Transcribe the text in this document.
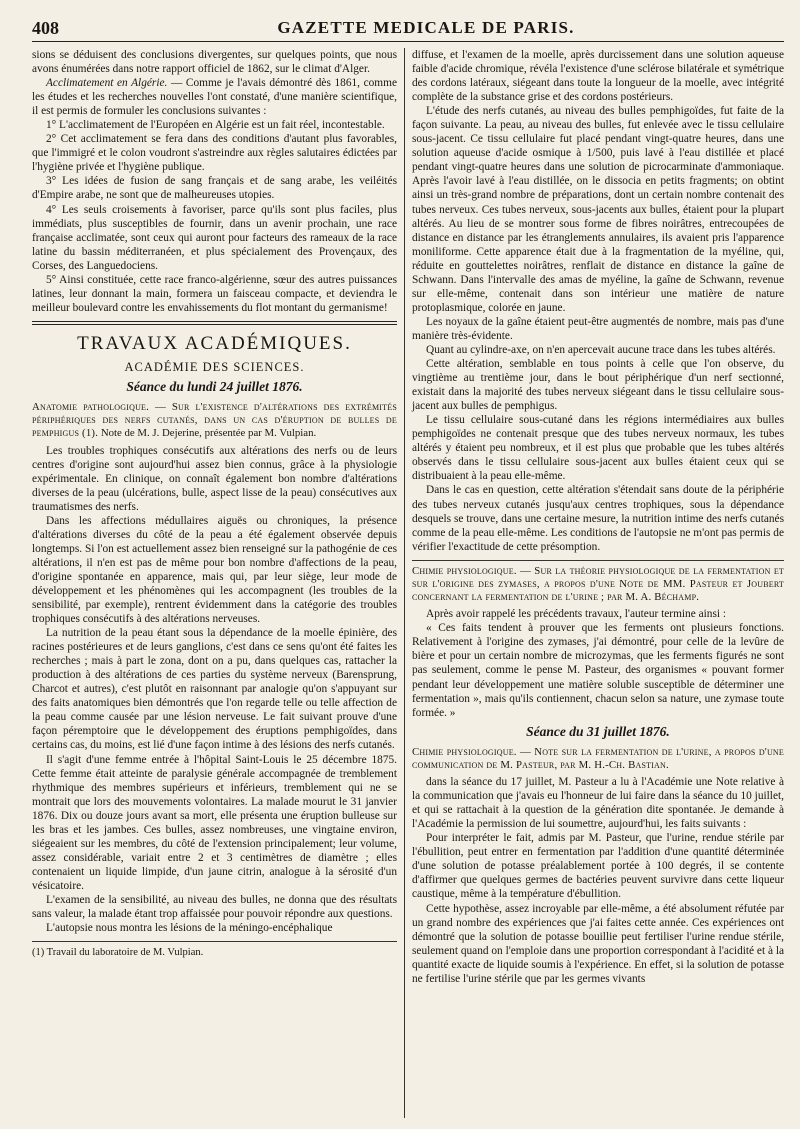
408	GAZETTE MEDICALE DE PARIS.

sions se déduisent des conclusions divergentes, sur quelques points, que nous avons énumérées dans notre rapport officiel de 1862, sur le climat d'Alger.

Acclimatement en Algérie. — Comme je l'avais démontré dès 1861, comme les études et les recherches nouvelles l'ont constaté, d'une manière scientifique, il est permis de formuler les conclusions suivantes :

1° L'acclimatement de l'Européen en Algérie est un fait réel, incontestable.

2° Cet acclimatement se fera dans des conditions d'autant plus favorables, que l'immigré et le colon voudront s'astreindre aux règles salutaires édictées par l'hygiène privée et l'hygiène publique.

3° Les idées de fusion de sang français et de sang arabe, les veiléités d'Empire arabe, ne sont que de malheureuses utopies.

4° Les seuls croisements à favoriser, parce qu'ils sont plus faciles, plus immédiats, plus susceptibles de fournir, dans un avenir prochain, une race française acclimatée, sont ceux qui auront pour facteurs des rameaux de la race latine du bassin méditerranéen, et plus spécialement des Provençaux, des Corses, des Languedociens.

5° Ainsi constituée, cette race franco-algérienne, sœur des autres puissances latines, leur donnant la main, formera un faisceau compacte, et deviendra le meilleur boulevard contre les envahissements du flot montant du germanisme!

TRAVAUX ACADÉMIQUES.
ACADÉMIE DES SCIENCES.
Séance du lundi 24 juillet 1876.

Anatomie pathologique. — Sur l'existence d'altérations des extrémités périphériques des nerfs cutanés, dans un cas d'éruption de bulles de pemphigus (1). Note de M. J. Dejerine, présentée par M. Vulpian.

Les troubles trophiques consécutifs aux altérations des nerfs ou de leurs centres d'origine sont aujourd'hui assez bien connus, grâce à la physiologie expérimentale. En clinique, on connaît également bon nombre d'altérations diverses de la peau (ulcérations, bulle, aspect lisse de la peau) consécutives aux traumatismes des nerfs.

Dans les affections médullaires aiguës ou chroniques, la présence d'altérations diverses du côté de la peau a été également observée depuis longtemps. Si l'on est actuellement assez bien renseigné sur la pathogénie de ces altérations, il n'en est pas de même pour bon nombre d'affections de la peau, d'origine spontanée en apparence, mais qui, par leur siège, leur mode de développement et les phénomènes qui les accompagnent (les troubles de la sensibilité, par exemple), rentrent évidemment dans la catégorie des troubles trophiques consécutifs à des altérations nerveuses.

La nutrition de la peau étant sous la dépendance de la moelle épinière, des racines postérieures et de leurs ganglions, c'est dans ce sens qu'ont été faites les recherches ; mais à part le zona, dont on a pu, dans quelques cas, rattacher la production à des altérations de ces parties du système nerveux (Barensprung, Charcot et autres), c'est plutôt en raisonnant par analogie qu'on s'appuyant sur des faits anatomiques bien démontrés que l'on regarde telle ou telle affection de la peau comme causée par une lésion nerveuse. Le fait suivant prouve d'une façon péremptoire que le développement des éruptions pemphigoïdes, dans certains cas, du moins, est lié d'une façon intime à des lésions des nerfs cutanés.

Il s'agit d'une femme entrée à l'hôpital Saint-Louis le 25 décembre 1875. Cette femme était atteinte de paralysie générale accompagnée de tremblement rhythmique des membres supérieurs et inférieurs, tremblement qui ne se montrait que lors des mouvements volontaires. La malade mourut le 31 janvier 1876. Dix ou douze jours avant sa mort, elle présenta une éruption bulleuse sur les bras et les jambes. Ces bulles, assez nombreuses, une vingtaine environ, siégeaient sur les membres, du côté de l'extension principalement; leur volume, assez considérable, variait entre 2 et 3 centimètres de diamètre ; elles contenaient un liquide limpide, d'un jaune citrin, analogue à la sérosité d'un vésicatoire.

L'examen de la sensibilité, au niveau des bulles, ne donna que des résultats sans valeur, la malade étant trop affaissée pour pouvoir répondre aux questions.

L'autopsie nous montra les lésions de la méningo-encéphalique

(1) Travail du laboratoire de M. Vulpian.

diffuse, et l'examen de la moelle, après durcissement dans une solution aqueuse faible d'acide chromique, révéla l'existence d'une sclérose bilatérale et symétrique des cordons latéraux, siégeant dans toute la longueur de la moelle, avec intégrité complète de la substance grise et des cordons postérieurs.

L'étude des nerfs cutanés, au niveau des bulles pemphigoïdes, fut faite de la façon suivante. La peau, au niveau des bulles, fut enlevée avec le tissu cellulaire sous-jacent. Ce tissu cellulaire fut placé pendant vingt-quatre heures, dans une solution aqueuse d'acide osmique à 1/500, puis lavé à l'eau distillée et placé pendant vingt-quatre heures dans une solution de picrocarminate d'ammoniaque. Après l'avoir lavé à l'eau distillée, on le dissocia en petits fragments; on obtint ainsi un très-grand nombre de préparations, dont un certain nombre contenait des tubes nerveux. Ces tubes nerveux, sous-jacents aux bulles, étaient pour la plupart altérés. Au lieu de se montrer sous forme de fibres noirâtres, entrecoupées de distance en distance par les étranglements annulaires, ils avaient pris l'apparence moniliforme. Cette apparence était due à la fragmentation de la myéline, qui, réduite en gouttelettes noirâtres, renflait de distance en distance la gaîne de Schwann. Dans l'intervalle des amas de myéline, la gaîne de Schwann, revenue sur elle-même, contenait dans son intérieur une matière de nature protoplasmique, colorée en jaune.

Les noyaux de la gaîne étaient peut-être augmentés de nombre, mais pas d'une manière très-évidente.

Quant au cylindre-axe, on n'en apercevait aucune trace dans les tubes altérés.

Cette altération, semblable en tous points à celle que l'on observe, du vingtième au trentième jour, dans le bout périphérique d'un nerf sectionné, existait dans la majorité des tubes nerveux siégeant dans le tissu cellulaire sous-jacent aux bulles de pemphigus.

Le tissu cellulaire sous-cutané dans les régions intermédiaires aux bulles pemphigoïdes ne contenait presque que des tubes nerveux normaux, les tubes altérés y étaient peu nombreux, et il est plus que probable que les tubes altérés observés dans le tissu cellulaire sous-jacent aux bulles étaient ceux qui se distribuaient à la peau elle-même.

Dans le cas en question, cette altération s'étendait sans doute de la périphérie des tubes nerveux cutanés jusqu'aux centres trophiques, sous la dépendance desquels se trouve, dans une certaine mesure, la nutrition intime des nerfs cutanés comme de la peau elle-même. Les conditions de l'autopsie ne m'ont pas permis de vérifier l'exactitude de cette présomption.

Chimie physiologique. — Sur la théorie physiologique de la fermentation et sur l'origine des zymases, a propos d'une Note de MM. Pasteur et Joubert concernant la fermentation de l'urine ; par M. A. Béchamp.

Après avoir rappelé les précédents travaux, l'auteur termine ainsi :

« Ces faits tendent à prouver que les ferments ont plusieurs fonctions. Relativement à l'origine des zymases, j'ai démontré, pour celle de la levûre de bière et pour un certain nombre de microzymas, que les ferments figurés ne sont pas seulement, comme le pense M. Pasteur, des organismes « pouvant former pendant leur développement une matière soluble susceptible de déterminer une fermentation », mais qu'ils contiennent, chacun selon sa nature, une zymase toute formée. »

Séance du 31 juillet 1876.

Chimie physiologique. — Note sur la fermentation de l'urine, a propos d'une communication de M. Pasteur, par M. H.-Ch. Bastian.

dans la séance du 17 juillet, M. Pasteur a lu à l'Académie une Note relative à la communication que j'avais eu l'honneur de lui faire dans la séance du 10 juillet, et qui se rattachait à la question de la génération dite spontanée. Je demande à l'Académie la permission de lui soumettre, aujourd'hui, les faits suivants :

Pour interpréter le fait, admis par M. Pasteur, que l'urine, rendue stérile par l'ébullition, peut entrer en fermentation par l'addition d'une quantité déterminée d'une solution de potasse préalablement portée à 100 degrés, il se contente d'affirmer que quelques germes de bactéries peuvent survivre dans cette liqueur caustique, même à la température d'ébullition.

Cette hypothèse, assez incroyable par elle-même, a été absolument réfutée par un grand nombre des expériences que j'ai faites cette année. Ces expériences ont démontré que la solution de potasse bouillie peut fertiliser l'urine rendue stérile, seulement quand on l'emploie dans une proportion correspondant à l'acidité et à la quantité exacte de liquide soumis à l'expérience. En effet, si la solution de potasse ne fertilise l'urine stérile que par les germes vivants
